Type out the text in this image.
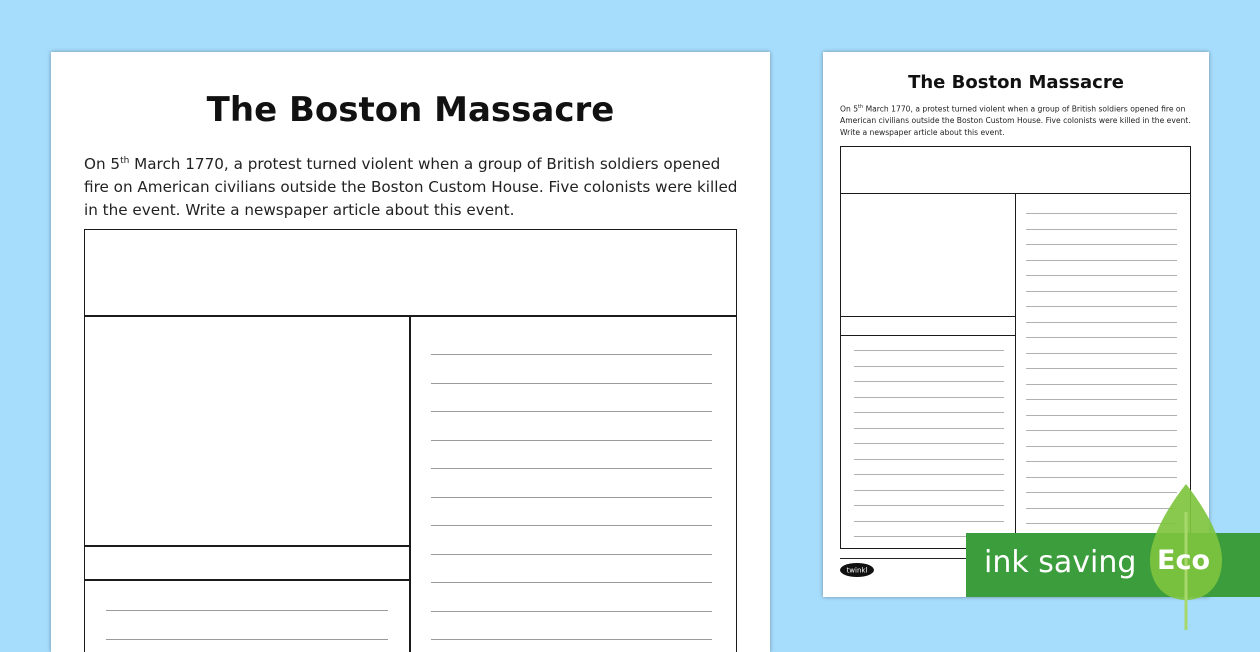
The Boston Massacre

On 5th March 1770, a protest turned violent when a group of British soldiers opened fire on American civilians outside the Boston Custom House. Five colonists were killed in the event. Write a newspaper article about this event.

The Boston Massacre

On 5th March 1770, a protest turned violent when a group of British soldiers opened fire on American civilians outside the Boston Custom House. Five colonists were killed in the event. Write a newspaper article about this event.

twinkl	ink saving Eco
